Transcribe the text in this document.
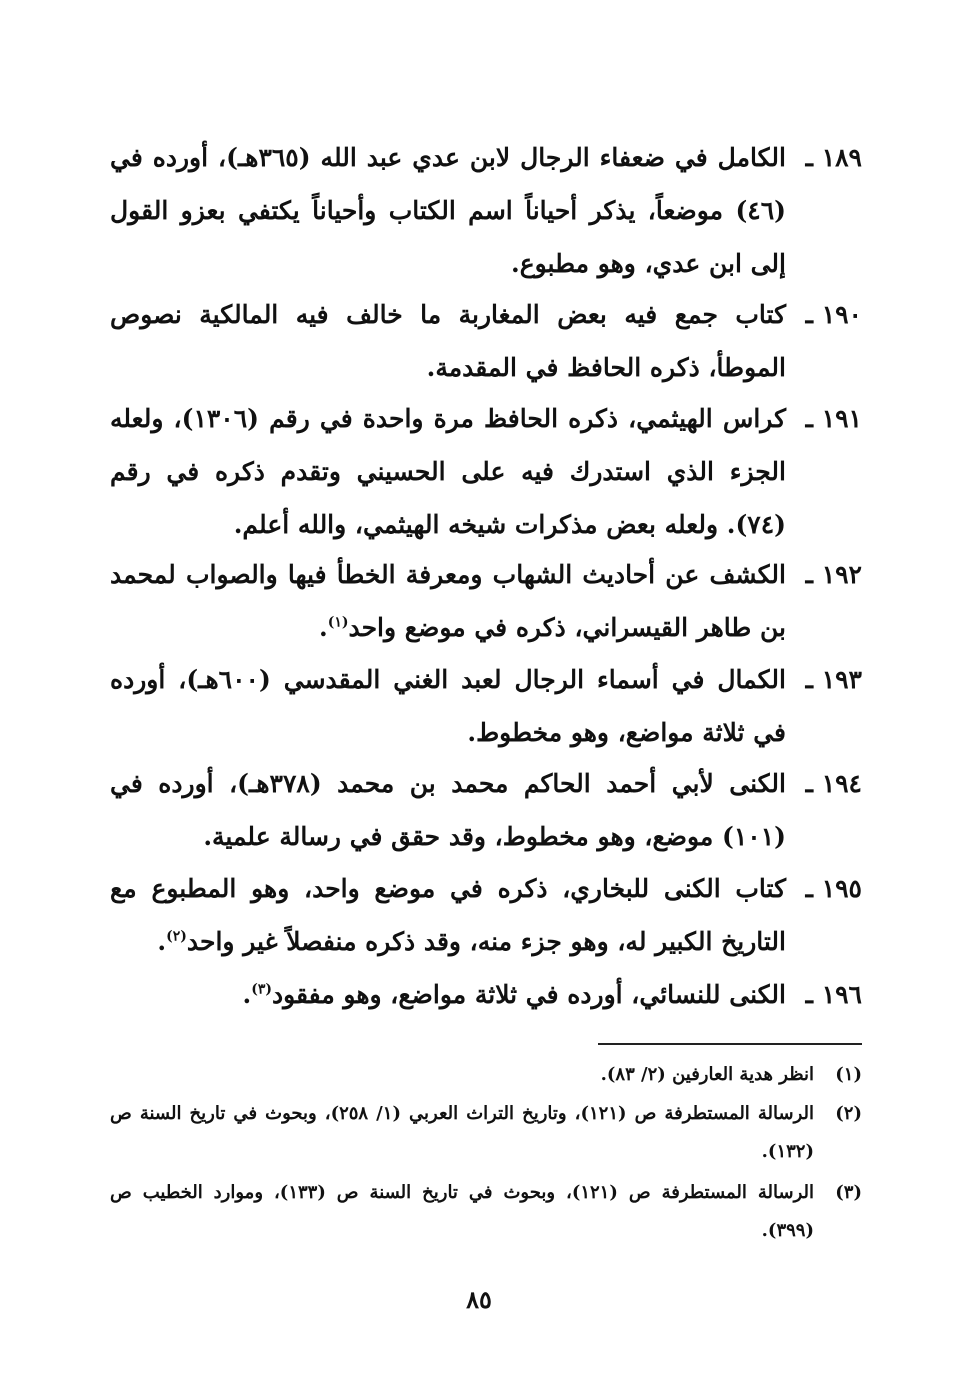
١٨٩ ـ
الكامل في ضعفاء الرجال لابن عدي عبد الله (٣٦٥هـ)، أورده في (٤٦) موضعاً، يذكر أحياناً اسم الكتاب وأحياناً يكتفي بعزو القول إلى ابن عدي، وهو مطبوع.
١٩٠ ـ
كتاب جمع فيه بعض المغاربة ما خالف فيه المالكية نصوص الموطأ، ذكره الحافظ في المقدمة.
١٩١ ـ
كراس الهيثمي، ذكره الحافظ مرة واحدة في رقم (١٣٠٦)، ولعله الجزء الذي استدرك فيه على الحسيني وتقدم ذكره في رقم (٧٤). ولعله بعض مذكرات شيخه الهيثمي، والله أعلم.
١٩٢ ـ
الكشف عن أحاديث الشهاب ومعرفة الخطأ فيها والصواب لمحمد بن طاهر القيسراني، ذكره في موضع واحد$^{(١)}$.
١٩٣ ـ
الكمال في أسماء الرجال لعبد الغني المقدسي (٦٠٠هـ)، أورده في ثلاثة مواضع، وهو مخطوط.
١٩٤ ـ
الكنى لأبي أحمد الحاكم محمد بن محمد (٣٧٨هـ)، أورده في (١٠١) موضع، وهو مخطوط، وقد حقق في رسالة علمية.
١٩٥ ـ
كتاب الكنى للبخاري، ذكره في موضع واحد، وهو المطبوع مع التاريخ الكبير له، وهو جزء منه، وقد ذكره منفصلاً غير واحد$^{(٢)}$.
١٩٦ ـ
الكنى للنسائي، أورده في ثلاثة مواضع، وهو مفقود$^{(٣)}$.
(١)
انظر هدية العارفين (٢/ ٨٣).
(٢)
الرسالة المستطرفة ص (١٢١)، وتاريخ التراث العربي (١/ ٢٥٨)، وبحوث في تاريخ السنة ص (١٣٢).
(٣)
الرسالة المستطرفة ص (١٢١)، وبحوث في تاريخ السنة ص (١٣٣)، وموارد الخطيب ص (٣٩٩).
٨٥
